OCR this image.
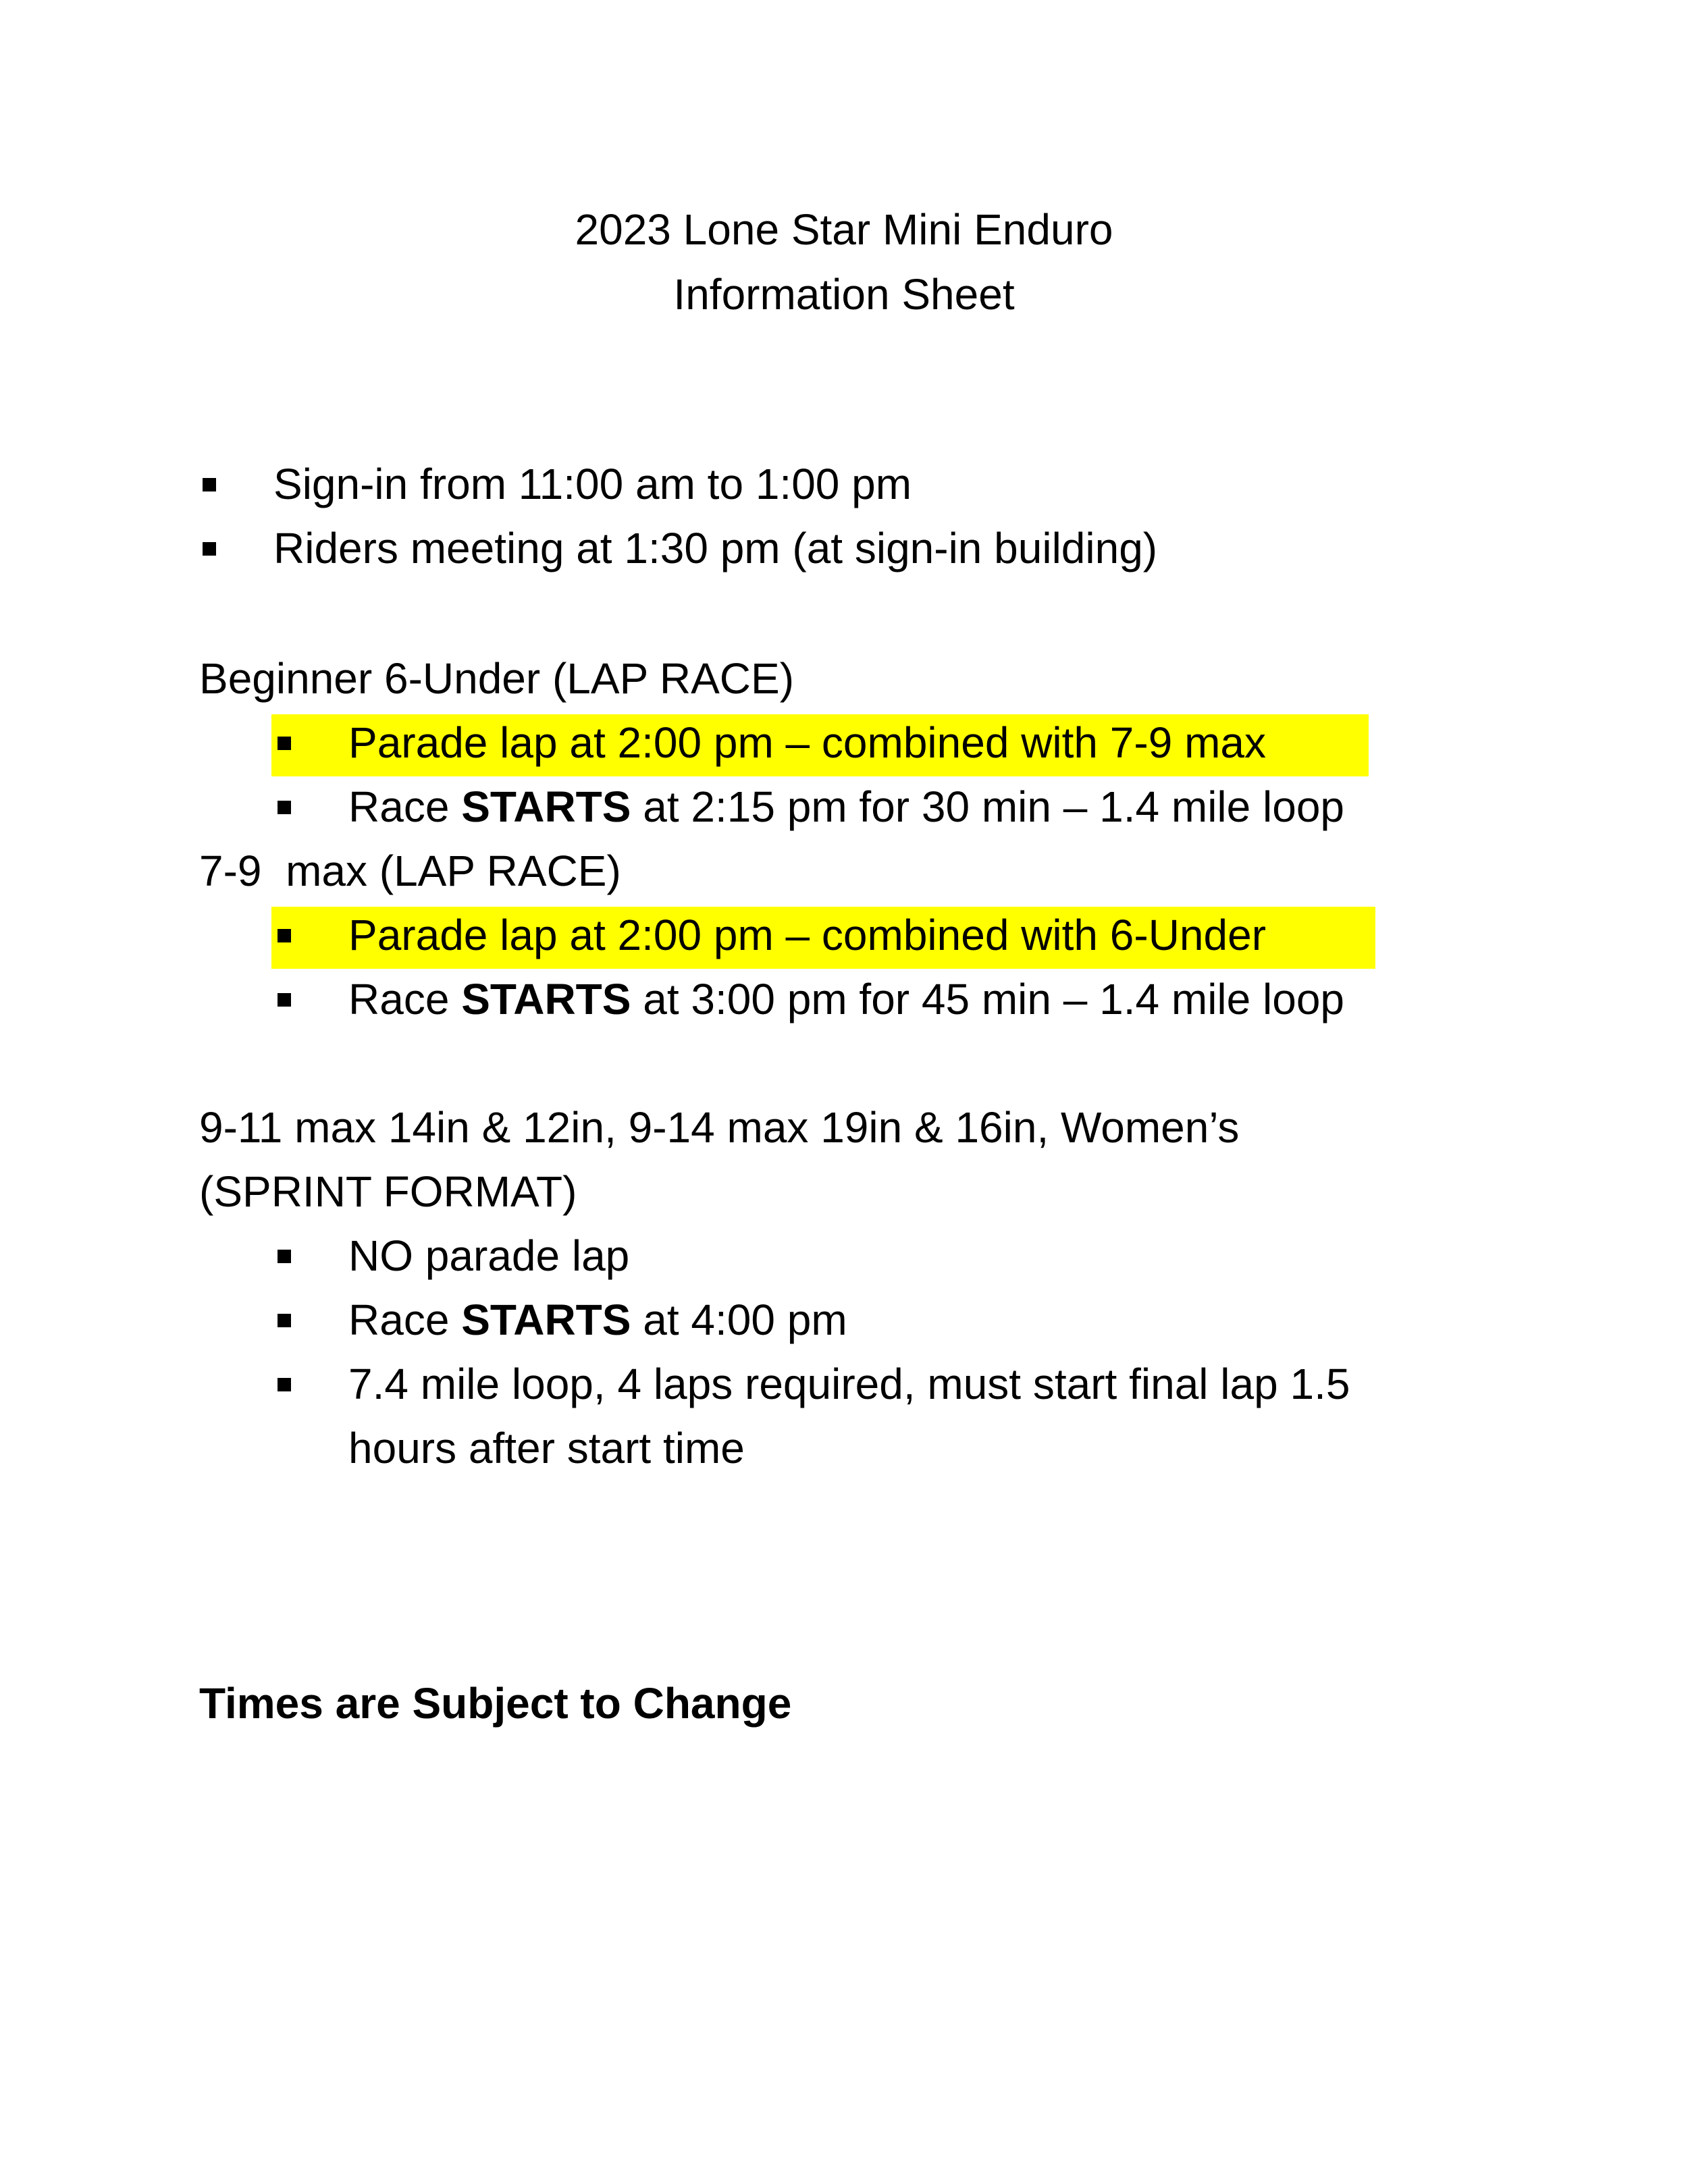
2023 Lone Star Mini Enduro
Information Sheet
Sign-in from 11:00 am to 1:00 pm
Riders meeting at 1:30 pm (at sign-in building)
Beginner 6-Under (LAP RACE)
Parade lap at 2:00 pm – combined with 7-9 max
Race STARTS at 2:15 pm for 30 min – 1.4 mile loop
7-9  max (LAP RACE)
Parade lap at 2:00 pm – combined with 6-Under
Race STARTS at 3:00 pm for 45 min – 1.4 mile loop
9-11 max 14in & 12in, 9-14 max 19in & 16in, Women’s
(SPRINT FORMAT)
NO parade lap
Race STARTS at 4:00 pm
7.4 mile loop, 4 laps required, must start final lap 1.5
hours after start time
Times are Subject to Change
